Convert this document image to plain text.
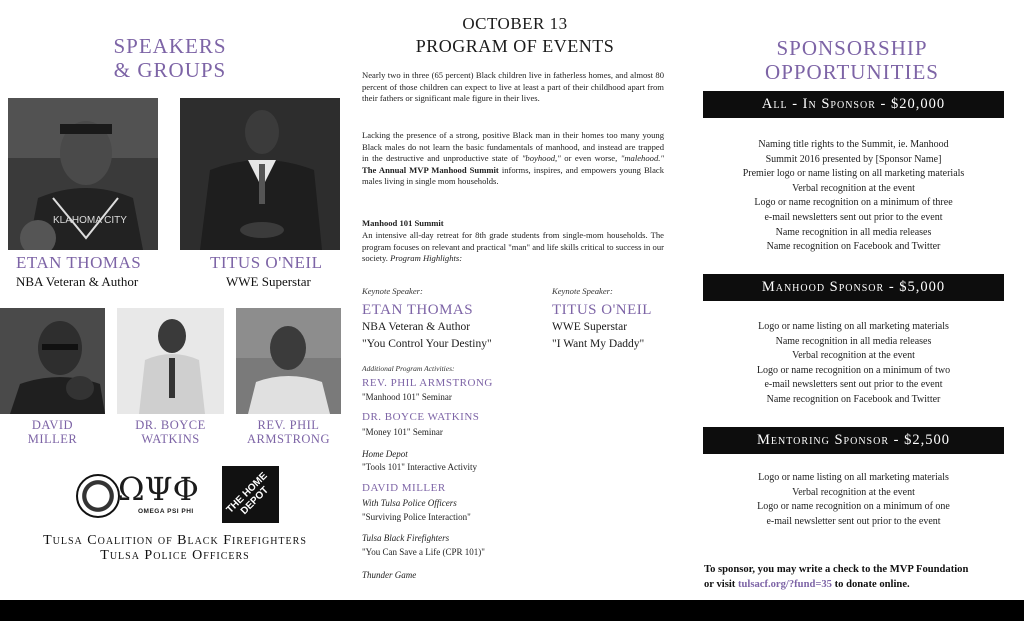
SPEAKERS

& GROUPS

KLAHOMA CITY
ETAN THOMAS
NBA Veteran & Author
TITUS O'NEIL
WWE Superstar
DAVID
MILLER
DR. BOYCE
WATKINS
REV. PHIL
ARMSTRONG
ΩΨΦ
OMEGA PSI PHI	THE HOME DEPOT
Tulsa Coalition of Black Firefighters
Tulsa Police Officers
OCTOBER 13
PROGRAM OF EVENTS

Nearly two in three (65 percent) Black children live in fatherless homes, and almost 80 percent of those children can expect to live at least a part of their childhood apart from their fathers or significant male figure in their lives.

Lacking the presence of a strong, positive Black man in their homes too many young Black males do not learn the basic fundamentals of manhood, and instead are trapped in the destructive and unproductive state of "boyhood," or even worse, "malehood." The Annual MVP Manhood Summit informs, inspires, and empowers young Black males living in single mom households.

Manhood 101 Summit

An intensive all-day retreat for 8th grade students from single-mom households. The program focuses on relevant and practical "man" and life skills critical to success in our society. Program Highlights:

Keynote Speaker:
ETAN THOMAS
NBA Veteran & Author
"You Control Your Destiny"
Keynote Speaker:
TITUS O'NEIL
WWE Superstar
"I Want My Daddy"
Additional Program Activities:
REV. PHIL ARMSTRONG
"Manhood 101" Seminar
DR. BOYCE WATKINS
"Money 101" Seminar
Home Depot
"Tools 101" Interactive Activity
DAVID MILLER
With Tulsa Police Officers
"Surviving Police Interaction"
Tulsa Black Firefighters
"You Can Save a Life (CPR 101)"
Thunder Game

SPONSORSHIP

OPPORTUNITIES

All - In Sponsor - $20,000
Naming title rights to the Summit, ie. Manhood
Summit 2016 presented by [Sponsor Name]
Premier logo or name listing on all marketing materials
Verbal recognition at the event
Logo or name recognition on a minimum of three
e-mail newsletters sent out prior to the event
Name recognition in all media releases
Name recognition on Facebook and Twitter
Manhood Sponsor - $5,000
Logo or name listing on all marketing materials
Name recognition in all media releases
Verbal recognition at the event
Logo or name recognition on a minimum of two
e-mail newsletters sent out prior to the event
Name recognition on Facebook and Twitter
Mentoring Sponsor - $2,500
Logo or name listing on all marketing materials
Verbal recognition at the event
Logo or name recognition on a minimum of one
e-mail newsletter sent out prior to the event
To sponsor, you may write a check to the MVP Foundation
or visit tulsacf.org/?fund=35 to donate online.
